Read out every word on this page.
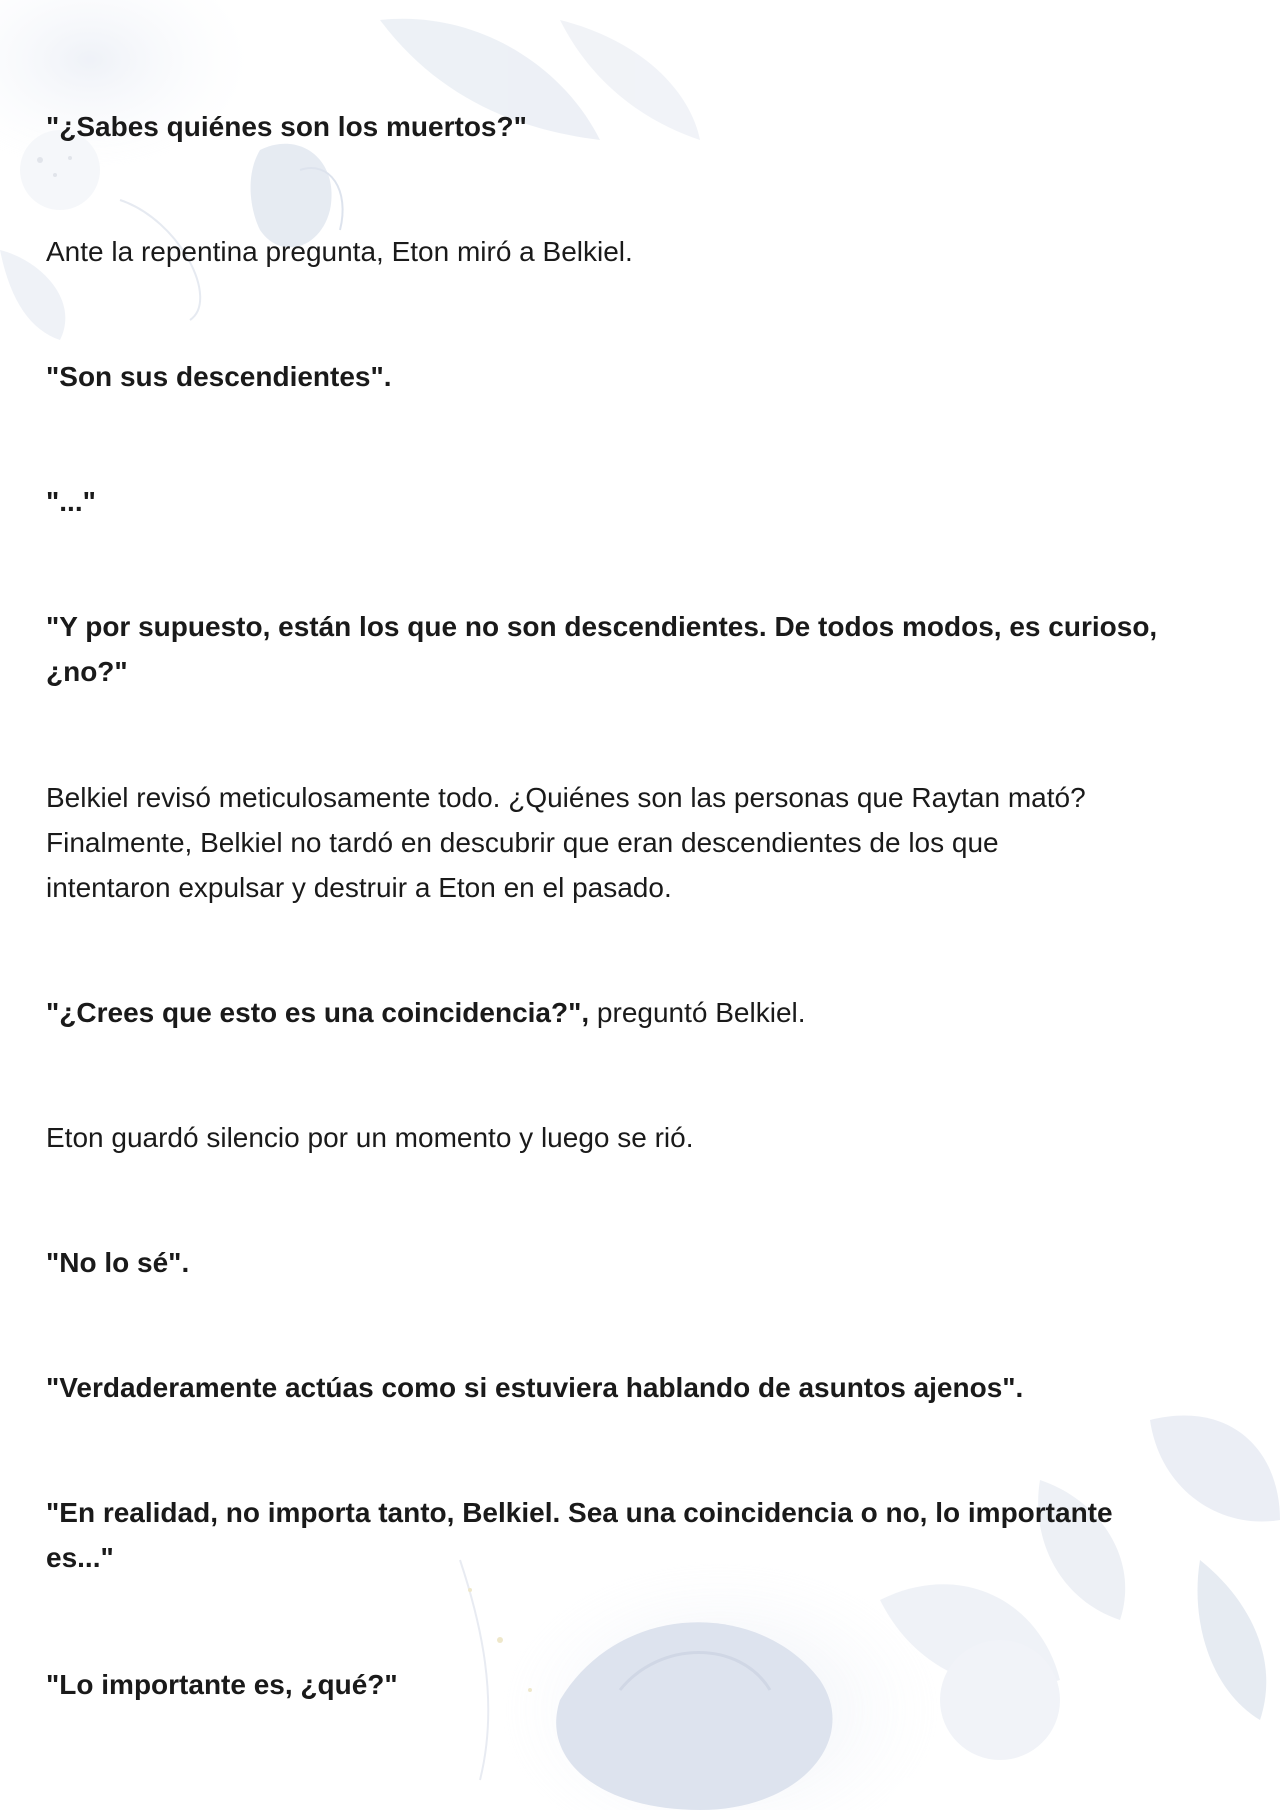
"¿Sabes quiénes son los muertos?"

Ante la repentina pregunta, Eton miró a Belkiel.

"Son sus descendientes".

"..."

"Y por supuesto, están los que no son descendientes. De todos modos, es curioso,
¿no?"
Belkiel revisó meticulosamente todo. ¿Quiénes son las personas que Raytan mató?
Finalmente, Belkiel no tardó en descubrir que eran descendientes de los que
intentaron expulsar y destruir a Eton en el pasado.

"¿Crees que esto es una coincidencia?", preguntó Belkiel.

Eton guardó silencio por un momento y luego se rió.

"No lo sé".

"Verdaderamente actúas como si estuviera hablando de asuntos ajenos".

"En realidad, no importa tanto, Belkiel. Sea una coincidencia o no, lo importante
es..."

"Lo importante es, ¿qué?"
